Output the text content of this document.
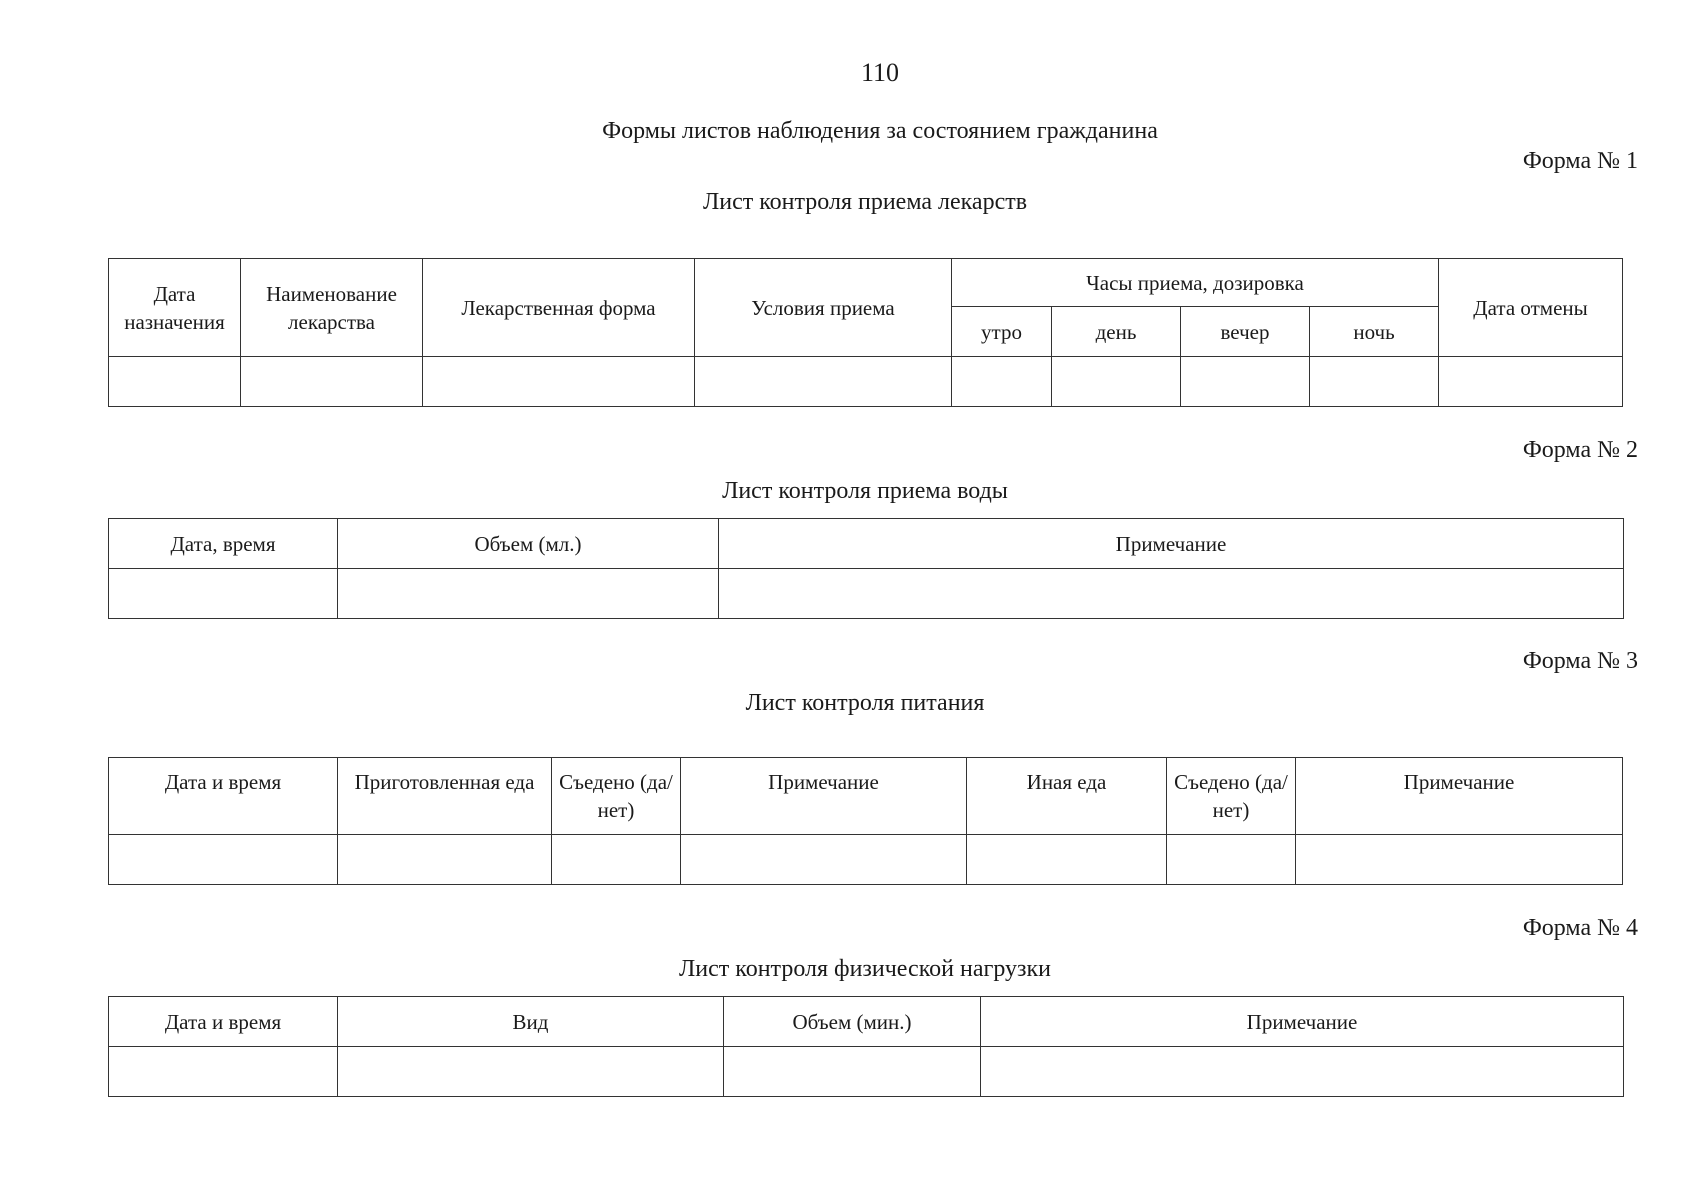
110
Формы листов наблюдения за состоянием гражданина
Форма № 1
Лист контроля приема лекарств
Дата назначения	Наименование лекарства	Лекарственная форма	Условия приема	Часы приема, дозировка				Дата отмены
				утро	день	вечер	ночь	

Форма № 2
Лист контроля приема воды
Дата, время	Объем (мл.)	Примечание

Форма № 3
Лист контроля питания
Дата и время	Приготовленная еда	Съедено (да/нет)	Примечание	Иная еда	Съедено (да/нет)	Примечание

Форма № 4
Лист контроля физической нагрузки
Дата и время	Вид	Объем (мин.)	Примечание
